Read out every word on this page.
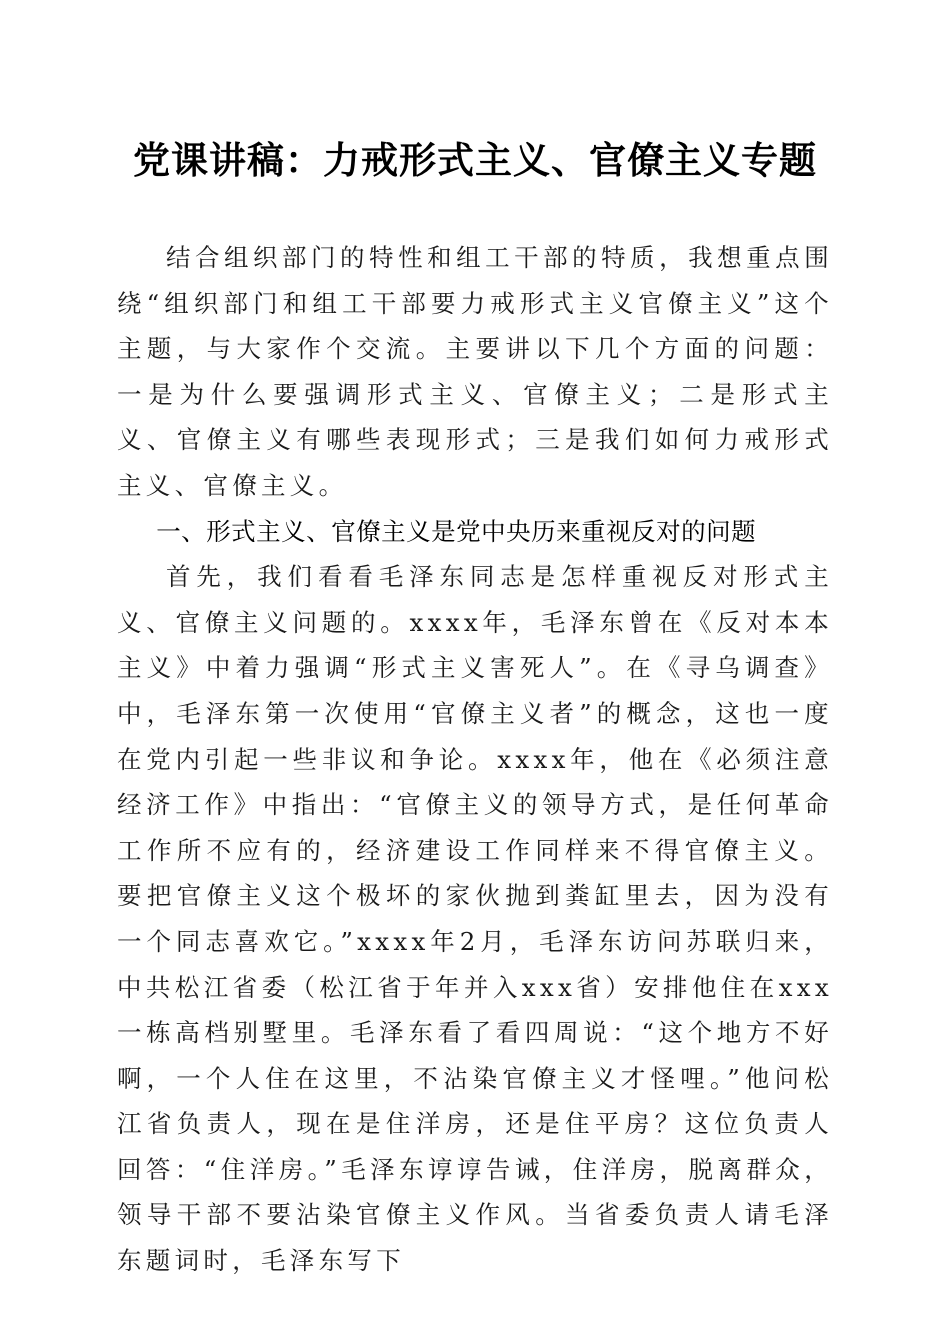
党课讲稿：力戒形式主义、官僚主义专题

结合组织部门的特性和组工干部的特质，我想重点围绕“组织部门和组工干部要力戒形式主义官僚主义”这个主题，与大家作个交流。主要讲以下几个方面的问题：一是为什么要强调形式主义、官僚主义；二是形式主义、官僚主义有哪些表现形式；三是我们如何力戒形式主义、官僚主义。

一、形式主义、官僚主义是党中央历来重视反对的问题

首先，我们看看毛泽东同志是怎样重视反对形式主义、官僚主义问题的。xxxx年，毛泽东曾在《反对本本主义》中着力强调“形式主义害死人”。在《寻乌调查》中，毛泽东第一次使用“官僚主义者”的概念，这也一度在党内引起一些非议和争论。xxxx年，他在《必须注意经济工作》中指出：“官僚主义的领导方式，是任何革命工作所不应有的，经济建设工作同样来不得官僚主义。要把官僚主义这个极坏的家伙抛到粪缸里去，因为没有一个同志喜欢它。”xxxx年2月，毛泽东访问苏联归来，中共松江省委（松江省于年并入xxx省）安排他住在xxx一栋高档别墅里。毛泽东看了看四周说：“这个地方不好啊，一个人住在这里，不沾染官僚主义才怪哩。”他问松江省负责人，现在是住洋房，还是住平房？这位负责人回答：“住洋房。”毛泽东谆谆告诫，住洋房，脱离群众，领导干部不要沾染官僚主义作风。当省委负责人请毛泽东题词时，毛泽东写下
